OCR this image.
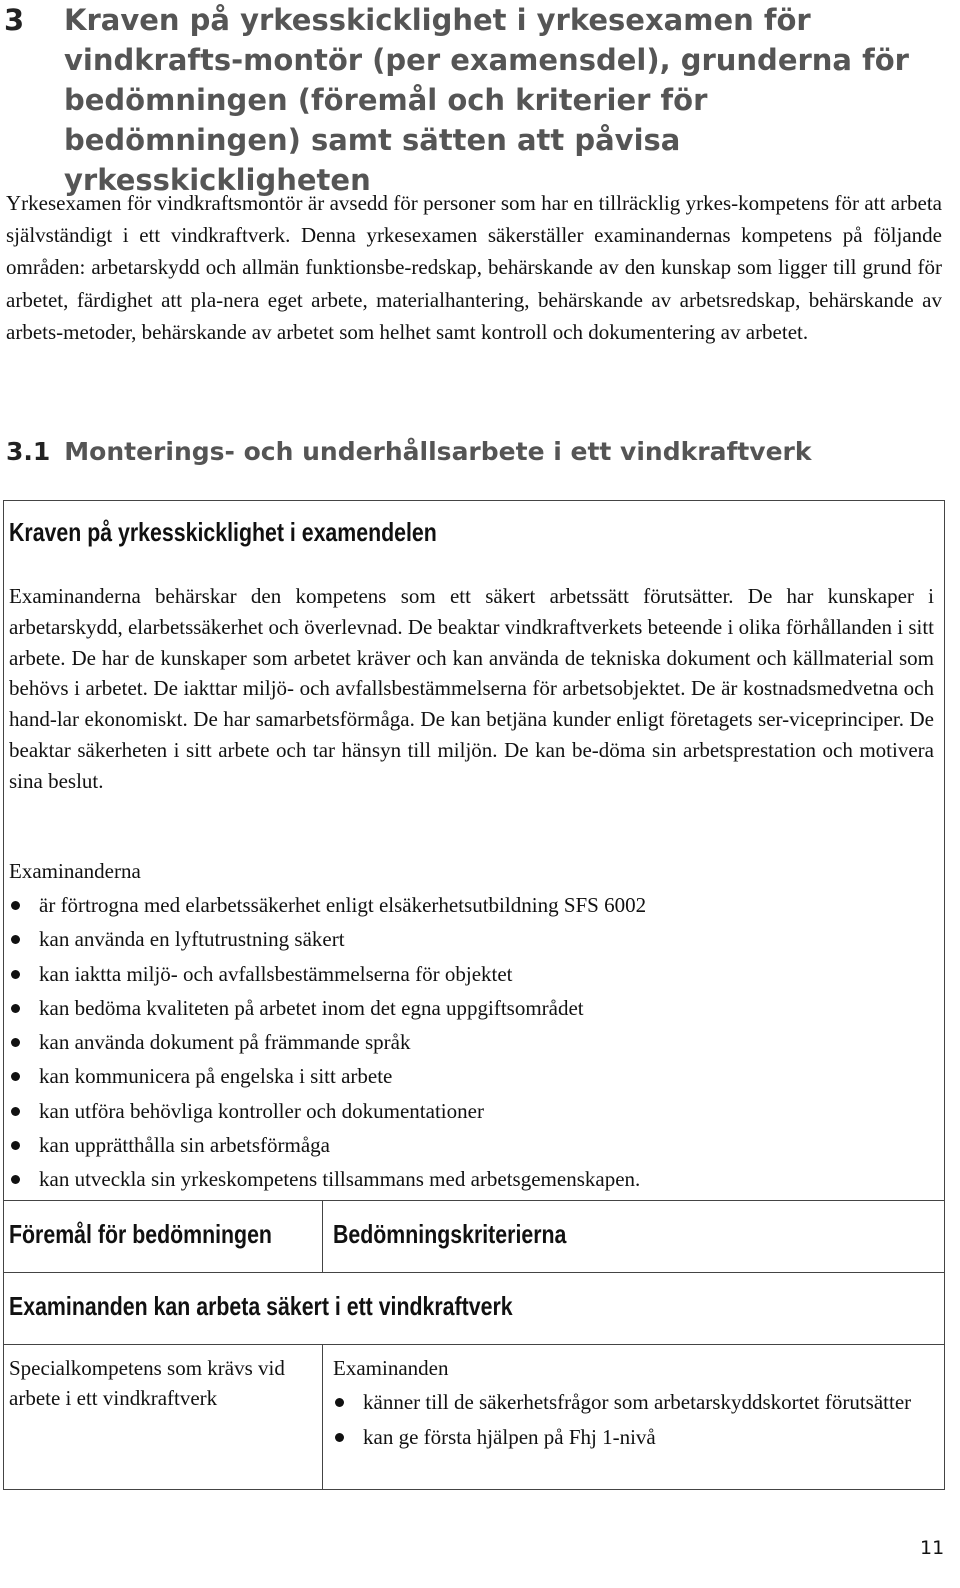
3 Kraven på yrkesskicklighet i yrkesexamen för vindkrafts-montör (per examensdel), grunderna för bedömningen (föremål och kriterier för bedömningen) samt sätten att påvisa yrkesskickligheten

Yrkesexamen för vindkraftsmontör är avsedd för personer som har en tillräcklig yrkes-kompetens för att arbeta självständigt i ett vindkraftverk. Denna yrkesexamen säkerställer examinandernas kompetens på följande områden: arbetarskydd och allmän funktionsbe-redskap, behärskande av den kunskap som ligger till grund för arbetet, färdighet att pla-nera eget arbete, materialhantering, behärskande av arbetsredskap, behärskande av arbets-metoder, behärskande av arbetet som helhet samt kontroll och dokumentering av arbetet.

3.1 Monterings- och underhållsarbete i ett vindkraftverk
Kraven på yrkesskicklighet i examendelen

Examinanderna behärskar den kompetens som ett säkert arbetssätt förutsätter. De har kunskaper i arbetarskydd, elarbetssäkerhet och överlevnad. De beaktar vindkraftverkets beteende i olika förhållanden i sitt arbete. De har de kunskaper som arbetet kräver och kan använda de tekniska dokument och källmaterial som behövs i arbetet. De iakttar miljö- och avfallsbestämmelserna för arbetsobjektet. De är kostnadsmedvetna och hand-lar ekonomiskt. De har samarbetsförmåga. De kan betjäna kunder enligt företagets ser-viceprinciper. De beaktar säkerheten i sitt arbete och tar hänsyn till miljön. De kan be-döma sin arbetsprestation och motivera sina beslut.

Examinanderna
är förtrogna med elarbetssäkerhet enligt elsäkerhetsutbildning SFS 6002
kan använda en lyftutrustning säkert
kan iaktta miljö- och avfallsbestämmelserna för objektet
kan bedöma kvaliteten på arbetet inom det egna uppgiftsområdet
kan använda dokument på främmande språk
kan kommunicera på engelska i sitt arbete
kan utföra behövliga kontroller och dokumentationer
kan upprätthålla sin arbetsförmåga
kan utveckla sin yrkeskompetens tillsammans med arbetsgemenskapen.
Föremål för bedömningen Bedömningskriterierna
Examinanden kan arbeta säkert i ett vindkraftverk
Specialkompetens som krävs vid arbete i ett vindkraftverk
Examinanden
känner till de säkerhetsfrågor som arbetarskyddskortet förutsätter
kan ge första hjälpen på Fhj 1-nivå
11
